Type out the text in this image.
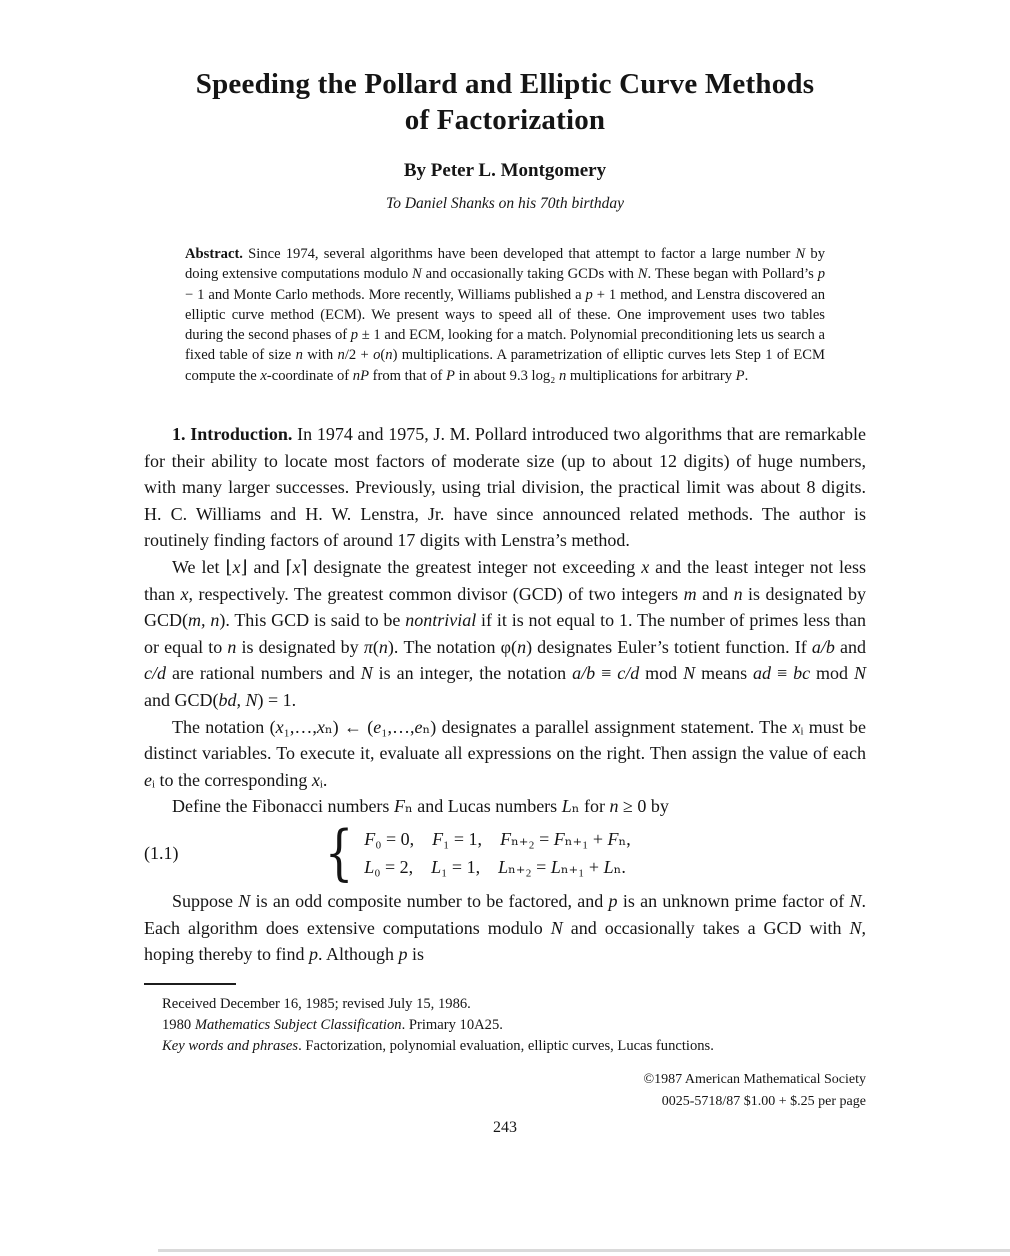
Speeding the Pollard and Elliptic Curve Methods
of Factorization
By Peter L. Montgomery
To Daniel Shanks on his 70th birthday
Abstract. Since 1974, several algorithms have been developed that attempt to factor a large number N by doing extensive computations modulo N and occasionally taking GCDs with N. These began with Pollard’s p − 1 and Monte Carlo methods. More recently, Williams published a p + 1 method, and Lenstra discovered an elliptic curve method (ECM). We present ways to speed all of these. One improvement uses two tables during the second phases of p ± 1 and ECM, looking for a match. Polynomial preconditioning lets us search a fixed table of size n with n/2 + o(n) multiplications. A parametrization of elliptic curves lets Step 1 of ECM compute the x-coordinate of nP from that of P in about 9.3 log₂ n multiplications for arbitrary P.

1. Introduction. In 1974 and 1975, J. M. Pollard introduced two algorithms that are remarkable for their ability to locate most factors of moderate size (up to about 12 digits) of huge numbers, with many larger successes. Previously, using trial division, the practical limit was about 8 digits. H. C. Williams and H. W. Lenstra, Jr. have since announced related methods. The author is routinely finding factors of around 17 digits with Lenstra’s method.

We let ⌊x⌋ and ⌈x⌉ designate the greatest integer not exceeding x and the least integer not less than x, respectively. The greatest common divisor (GCD) of two integers m and n is designated by GCD(m, n). This GCD is said to be nontrivial if it is not equal to 1. The number of primes less than or equal to n is designated by π(n). The notation φ(n) designates Euler’s totient function. If a/b and c/d are rational numbers and N is an integer, the notation a/b ≡ c/d mod N means ad ≡ bc mod N and GCD(bd, N) = 1.

The notation (x₁,…,xₙ) ← (e₁,…,eₙ) designates a parallel assignment statement. The xᵢ must be distinct variables. To execute it, evaluate all expressions on the right. Then assign the value of each eᵢ to the corresponding xᵢ.

Define the Fibonacci numbers Fₙ and Lucas numbers Lₙ for n ≥ 0 by

(1.1)	{ F₀ = 0, F₁ = 1, Fₙ₊₂ = Fₙ₊₁ + Fₙ,
L₀ = 2, L₁ = 1, Lₙ₊₂ = Lₙ₊₁ + Lₙ.

Suppose N is an odd composite number to be factored, and p is an unknown prime factor of N. Each algorithm does extensive computations modulo N and occasionally takes a GCD with N, hoping thereby to find p. Although p is

Received December 16, 1985; revised July 15, 1986.

1980 Mathematics Subject Classification. Primary 10A25.

Key words and phrases. Factorization, polynomial evaluation, elliptic curves, Lucas functions.

©1987 American Mathematical Society
0025-5718/87 $1.00 + $.25 per page
243
